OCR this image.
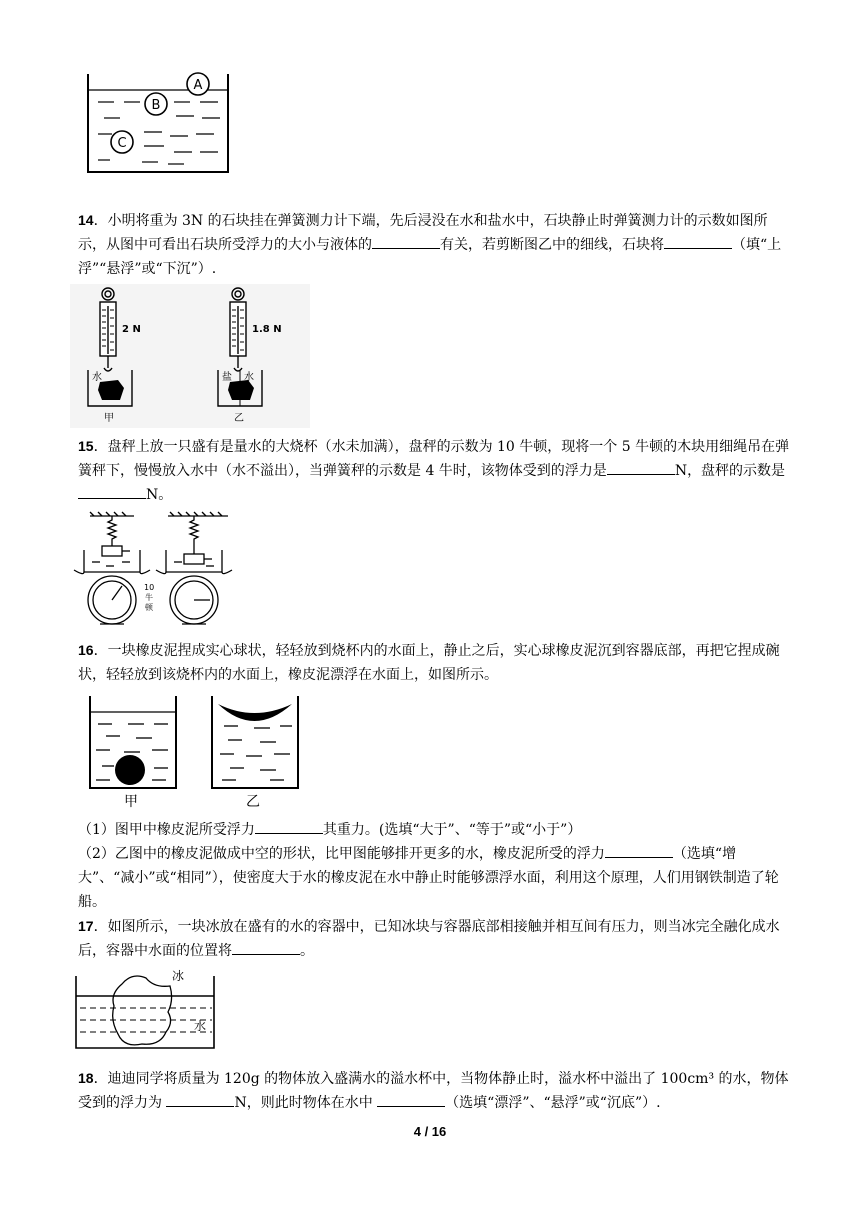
A
B
C

14．小明将重为 3N 的石块挂在弹簧测力计下端，先后浸没在水和盐水中，石块静止时弹簧测力计的示数如图所示，从图中可看出石块所受浮力的大小与液体的	有关，若剪断图乙中的细线，石块将	（填“上浮”“悬浮”或“下沉”）.

2 N
水
甲
1.8 N
盐 水
乙

15．盘秤上放一只盛有是量水的大烧杯（水未加满），盘秤的示数为 10 牛顿，现将一个 5 牛顿的木块用细绳吊在弹簧秤下，慢慢放入水中（水不溢出），当弹簧秤的示数是 4 牛时，该物体受到的浮力是	N，盘秤的示数是N。

10
牛
顿

16．一块橡皮泥捏成实心球状，轻轻放到烧杯内的水面上，静止之后，实心球橡皮泥沉到容器底部，再把它捏成碗状，轻轻放到该烧杯内的水面上，橡皮泥漂浮在水面上，如图所示。

甲	乙

（1）图甲中橡皮泥所受浮力	其重力。(选填“大于”、“等于”或“小于”）

（2）乙图中的橡皮泥做成中空的形状，比甲图能够排开更多的水，橡皮泥所受的浮力	（选填“增大”、“减小”或“相同”），使密度大于水的橡皮泥在水中静止时能够漂浮水面，利用这个原理，人们用钢铁制造了轮船。

17．如图所示，一块冰放在盛有的水的容器中，已知冰块与容器底部相接触并相互间有压力，则当冰完全融化成水后，容器中水面的位置将	。

冰
水

18．迪迪同学将质量为 120g 的物体放入盛满水的溢水杯中，当物体静止时，溢水杯中溢出了 100cm³ 的水，物体受到的浮力为	N，则此时物体在水中	（选填“漂浮”、“悬浮”或“沉底”）.

4 / 16
